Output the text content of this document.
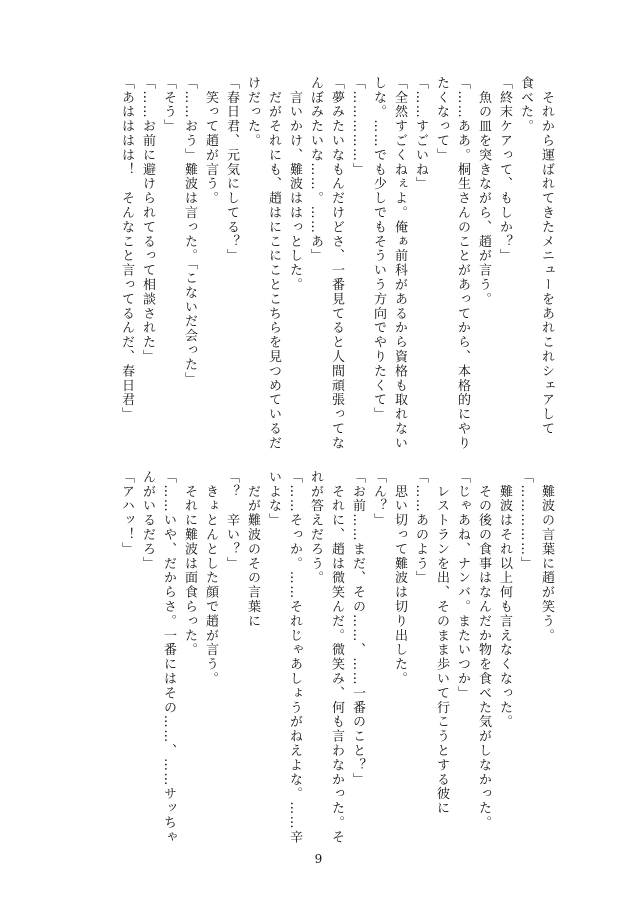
　それから運ばれてきたメニューをあれこれシェアして
食べた。
「終末ケアって、もしか？」
　魚の皿を突きながら、趙が言う。
「……ああ。桐生さんのことがあってから、本格的にやり
たくなって」
「……すごいね」
「全然すごくねぇよ。俺ぁ前科があるから資格も取れない
しな。……でも少しでもそういう方向でやりたくて」
「……………」
「夢みたいなもんだけどさ、一番見てると人間頑張ってな
んぼみたいな……。……あ」
　言いかけ、難波ははっとした。
　だがそれにも、趙はにこにことこちらを見つめているだ
けだった。
「春日君、元気にしてる？」
　笑って趙が言う。
「……おう」難波は言った。「こないだ会った」
「そう」
「……お前に避けられてるって相談された」
「あはははは！　そんなこと言ってるんだ、春日君」
　難波の言葉に趙が笑う。
「……………」
　難波はそれ以上何も言えなくなった。
　その後の食事はなんだか物を食べた気がしなかった。
「じゃあね、ナンバ。またいつか」
　レストランを出、そのまま歩いて行こうとする彼に
「……あのよう」
　思い切って難波は切り出した。
「ん？」
「お前……まだ、その……、……一番のこと？」
　それに、趙は微笑んだ。微笑み、何も言わなかった。そ
れが答えだろう。
「……そっか。……それじゃあしょうがねえよな。……辛
いよな」
　だが難波のその言葉に
「？　辛い？」
　きょとんとした顔で趙が言う。
　それに難波は面食らった。
「……いや、だからさ。一番にはその……、……サッちゃ
んがいるだろ」
「アハッ！」
9
